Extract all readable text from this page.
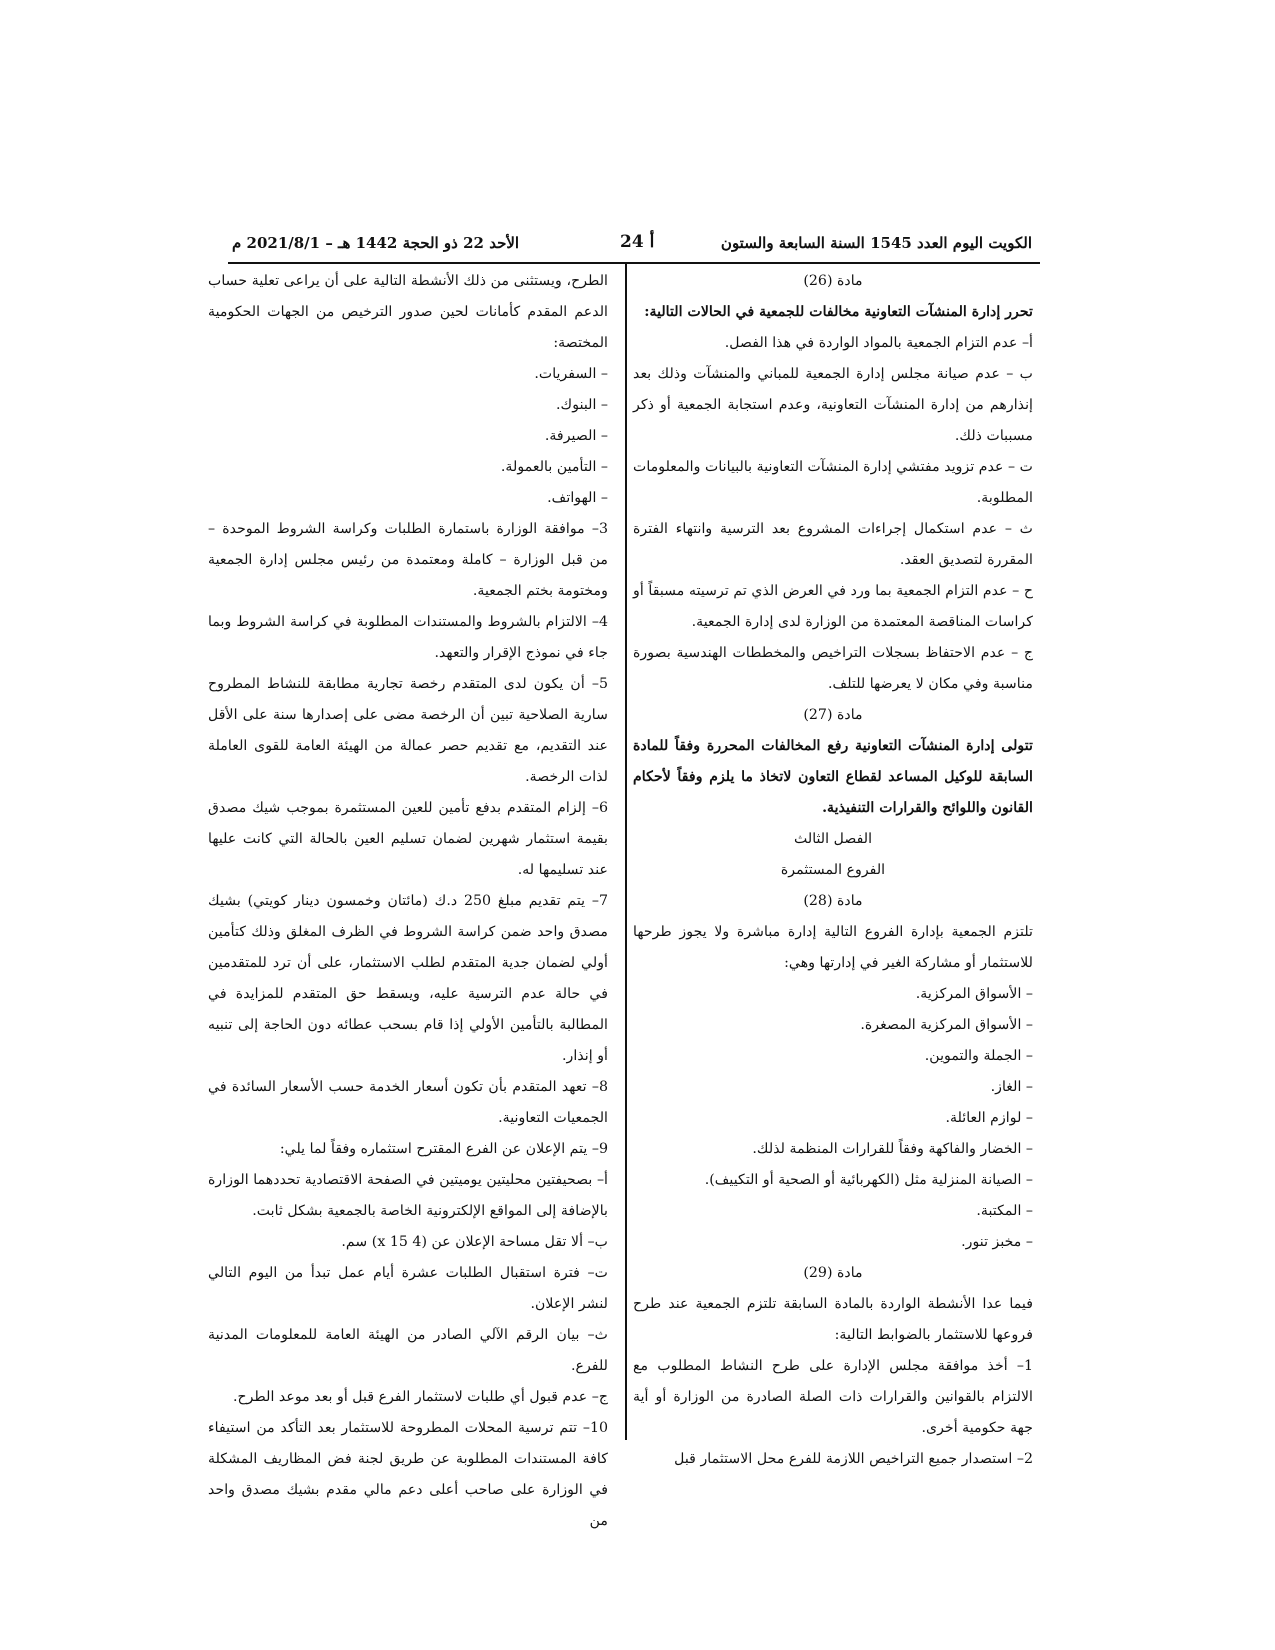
الكويت اليوم العدد 1545 السنة السابعة والستون
أ 24
الأحد 22 ذو الحجة 1442 هـ – 2021/8/1 م

مادة (26)

تحرر إدارة المنشآت التعاونية مخالفات للجمعية في الحالات التالية:

أ– عدم التزام الجمعية بالمواد الواردة في هذا الفصل.

ب – عدم صيانة مجلس إدارة الجمعية للمباني والمنشآت وذلك بعد إنذارهم من إدارة المنشآت التعاونية، وعدم استجابة الجمعية أو ذكر مسببات ذلك.

ت – عدم تزويد مفتشي إدارة المنشآت التعاونية بالبيانات والمعلومات المطلوبة.

ث – عدم استكمال إجراءات المشروع بعد الترسية وانتهاء الفترة المقررة لتصديق العقد.

ح – عدم التزام الجمعية بما ورد في العرض الذي تم ترسيته مسبقاً أو كراسات المناقصة المعتمدة من الوزارة لدى إدارة الجمعية.

ج – عدم الاحتفاظ بسجلات التراخيص والمخططات الهندسية بصورة مناسبة وفي مكان لا يعرضها للتلف.

مادة (27)

تتولى إدارة المنشآت التعاونية رفع المخالفات المحررة وفقاً للمادة السابقة للوكيل المساعد لقطاع التعاون لاتخاذ ما يلزم وفقاً لأحكام القانون واللوائح والقرارات التنفيذية.

الفصل الثالث

الفروع المستثمرة

مادة (28)

تلتزم الجمعية بإدارة الفروع التالية إدارة مباشرة ولا يجوز طرحها للاستثمار أو مشاركة الغير في إدارتها وهي:

– الأسواق المركزية.

– الأسواق المركزية المصغرة.

– الجملة والتموين.

– الغاز.

– لوازم العائلة.

– الخضار والفاكهة وفقاً للقرارات المنظمة لذلك.

– الصيانة المنزلية مثل (الكهربائية أو الصحية أو التكييف).

– المكتبة.

– مخبز تنور.

مادة (29)

فيما عدا الأنشطة الواردة بالمادة السابقة تلتزم الجمعية عند طرح فروعها للاستثمار بالضوابط التالية:

1– أخذ موافقة مجلس الإدارة على طرح النشاط المطلوب مع الالتزام بالقوانين والقرارات ذات الصلة الصادرة من الوزارة أو أية جهة حكومية أخرى.

2– استصدار جميع التراخيص اللازمة للفرع محل الاستثمار قبل

الطرح، ويستثنى من ذلك الأنشطة التالية على أن يراعى تعلية حساب الدعم المقدم كأمانات لحين صدور الترخيص من الجهات الحكومية المختصة:

– السفريات.

– البنوك.

– الصيرفة.

– التأمين بالعمولة.

– الهواتف.

3– موافقة الوزارة باستمارة الطلبات وكراسة الشروط الموحدة – من قبل الوزارة – كاملة ومعتمدة من رئيس مجلس إدارة الجمعية ومختومة بختم الجمعية.

4– الالتزام بالشروط والمستندات المطلوبة في كراسة الشروط وبما جاء في نموذج الإقرار والتعهد.

5– أن يكون لدى المتقدم رخصة تجارية مطابقة للنشاط المطروح سارية الصلاحية تبين أن الرخصة مضى على إصدارها سنة على الأقل عند التقديم، مع تقديم حصر عمالة من الهيئة العامة للقوى العاملة لذات الرخصة.

6– إلزام المتقدم بدفع تأمين للعين المستثمرة بموجب شيك مصدق بقيمة استثمار شهرين لضمان تسليم العين بالحالة التي كانت عليها عند تسليمها له.

7– يتم تقديم مبلغ 250 د.ك (مائتان وخمسون دينار كويتي) بشيك مصدق واحد ضمن كراسة الشروط في الظرف المغلق وذلك كتأمين أولي لضمان جدية المتقدم لطلب الاستثمار، على أن ترد للمتقدمين في حالة عدم الترسية عليه، ويسقط حق المتقدم للمزايدة في المطالبة بالتأمين الأولي إذا قام بسحب عطائه دون الحاجة إلى تنبيه أو إنذار.

8– تعهد المتقدم بأن تكون أسعار الخدمة حسب الأسعار السائدة في الجمعيات التعاونية.

9– يتم الإعلان عن الفرع المقترح استثماره وفقاً لما يلي:

أ– بصحيفتين محليتين يوميتين في الصفحة الاقتصادية تحددهما الوزارة بالإضافة إلى المواقع الإلكترونية الخاصة بالجمعية بشكل ثابت.

ب– ألا تقل مساحة الإعلان عن (4 x 15) سم.

ت– فترة استقبال الطلبات عشرة أيام عمل تبدأ من اليوم التالي لنشر الإعلان.

ث– بيان الرقم الآلي الصادر من الهيئة العامة للمعلومات المدنية للفرع.

ج– عدم قبول أي طلبات لاستثمار الفرع قبل أو بعد موعد الطرح.

10– تتم ترسية المحلات المطروحة للاستثمار بعد التأكد من استيفاء كافة المستندات المطلوبة عن طريق لجنة فض المظاريف المشكلة في الوزارة على صاحب أعلى دعم مالي مقدم بشيك مصدق واحد من
